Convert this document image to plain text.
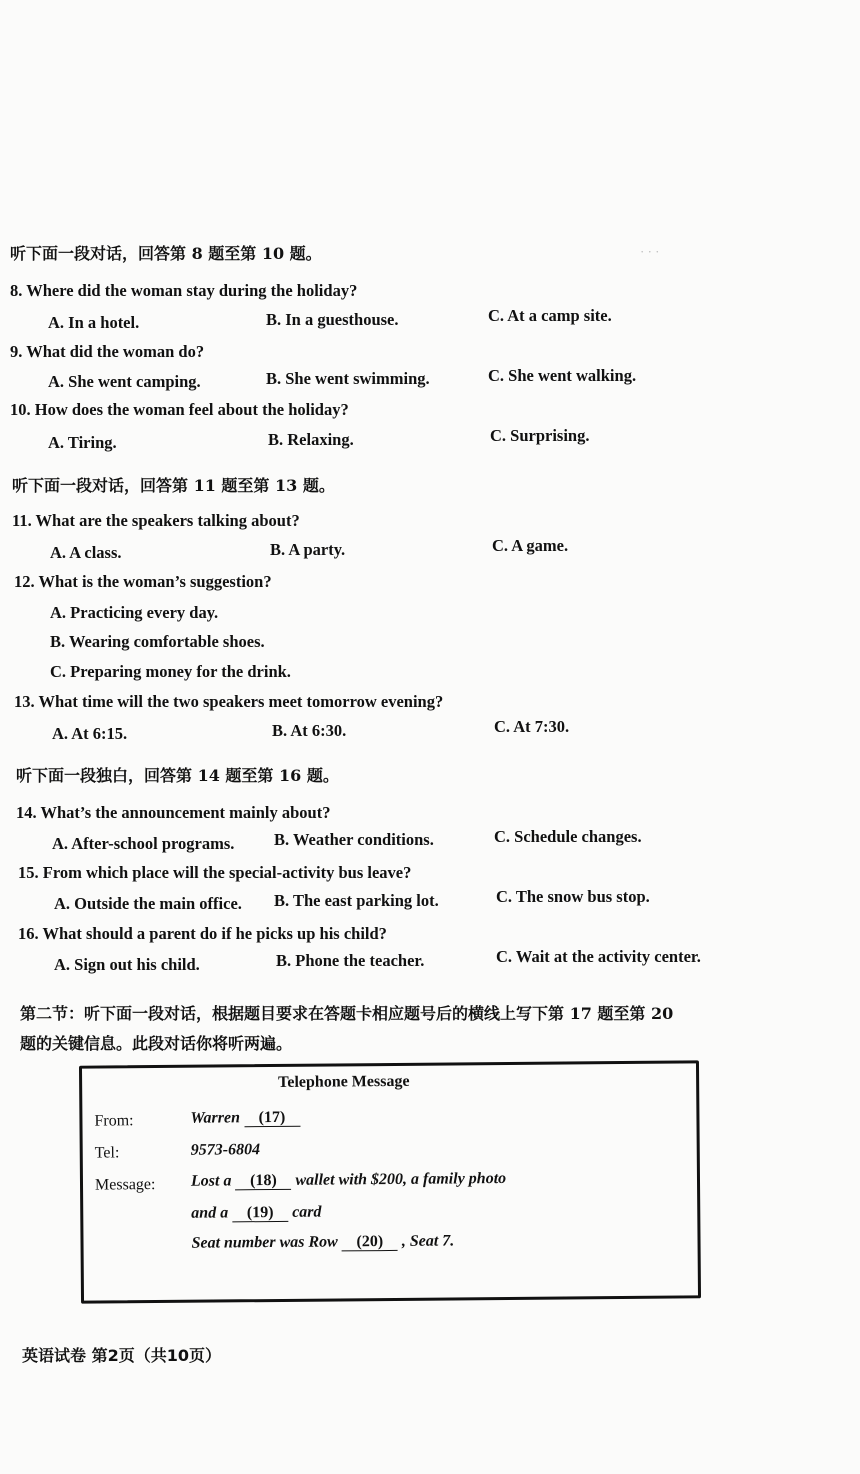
· · ·
听下面一段对话，回答第 8 题至第 10 题。
8. Where did the woman stay during the holiday?
A. In a hotel.	B. In a guesthouse.	C. At a camp site.
9. What did the woman do?
A. She went camping.	B. She went swimming.	C. She went walking.
10. How does the woman feel about the holiday?
A. Tiring.	B. Relaxing.	C. Surprising.
听下面一段对话，回答第 11 题至第 13 题。
11. What are the speakers talking about?
A. A class.	B. A party.	C. A game.
12. What is the woman’s suggestion?
A. Practicing every day.
B. Wearing comfortable shoes.
C. Preparing money for the drink.
13. What time will the two speakers meet tomorrow evening?
A. At 6:15.	B. At 6:30.	C. At 7:30.
听下面一段独白，回答第 14 题至第 16 题。
14. What’s the announcement mainly about?
A. After-school programs. B. Weather conditions.	C. Schedule changes.
15. From which place will the special-activity bus leave?
A. Outside the main office. B. The east parking lot.	C. The snow bus stop.
16. What should a parent do if he picks up his child?
A. Sign out his child.	B. Phone the teacher.	C. Wait at the activity center.
第二节：听下面一段对话，根据题目要求在答题卡相应题号后的横线上写下第 17 题至第 20
题的关键信息。此段对话你将听两遍。
Telephone Message
From:	Warren (17)
Tel:	9573-6804
Message: Lost a (18) wallet with $200, a family photo
and a (19) card
Seat number was Row (20) , Seat 7.
英语试卷 第2页（共10页）
